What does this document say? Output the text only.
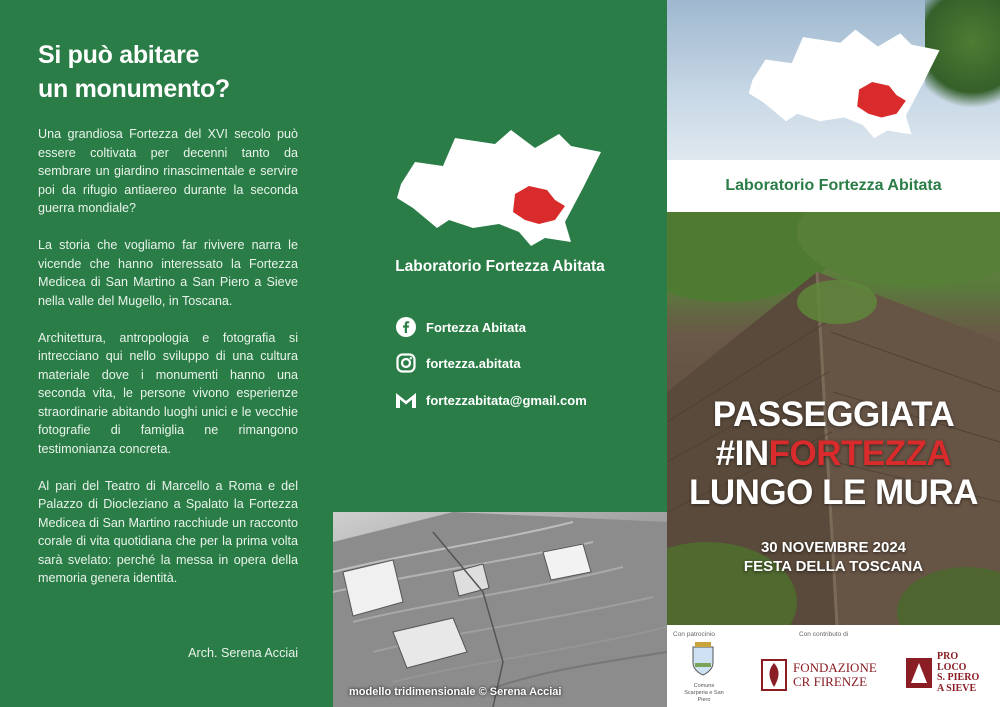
Si può abitare
un monumento?

Una grandiosa Fortezza del XVI secolo può essere coltivata per decenni tanto da sembrare un giardino rinascimentale e servire poi da rifugio antiaereo durante la seconda guerra mondiale?

La storia che vogliamo far rivivere narra le vicende che hanno interessato la Fortezza Medicea di San Martino a San Piero a Sieve nella valle del Mugello, in Toscana.

Architettura, antropologia e fotografia si intrecciano qui nello sviluppo di una cultura materiale dove i monumenti hanno una seconda vita, le persone vivono esperienze straordinarie abitando luoghi unici e le vecchie fotografie di famiglia ne rimangono testimonianza concreta.

Al pari del Teatro di Marcello a Roma e del Palazzo di Diocleziano a Spalato la Fortezza Medicea di San Martino racchiude un racconto corale di vita quotidiana che per la prima volta sarà svelato: perché la messa in opera della memoria genera identità.

Arch. Serena Acciai
Laboratorio Fortezza Abitata
Fortezza Abitata
fortezza.abitata
fortezzabitata@gmail.com
modello tridimensionale © Serena Acciai
Laboratorio Fortezza Abitata
PASSEGGIATA
#INFORTEZZA
LUNGO LE MURA
30 NOVEMBRE 2024
FESTA DELLA TOSCANA
Con patrocinio	Con contributo di
Comune
Scarperia e San Piero
FONDAZIONE
CR FIRENZE
PRO
LOCO
S. PIERO
A SIEVE
